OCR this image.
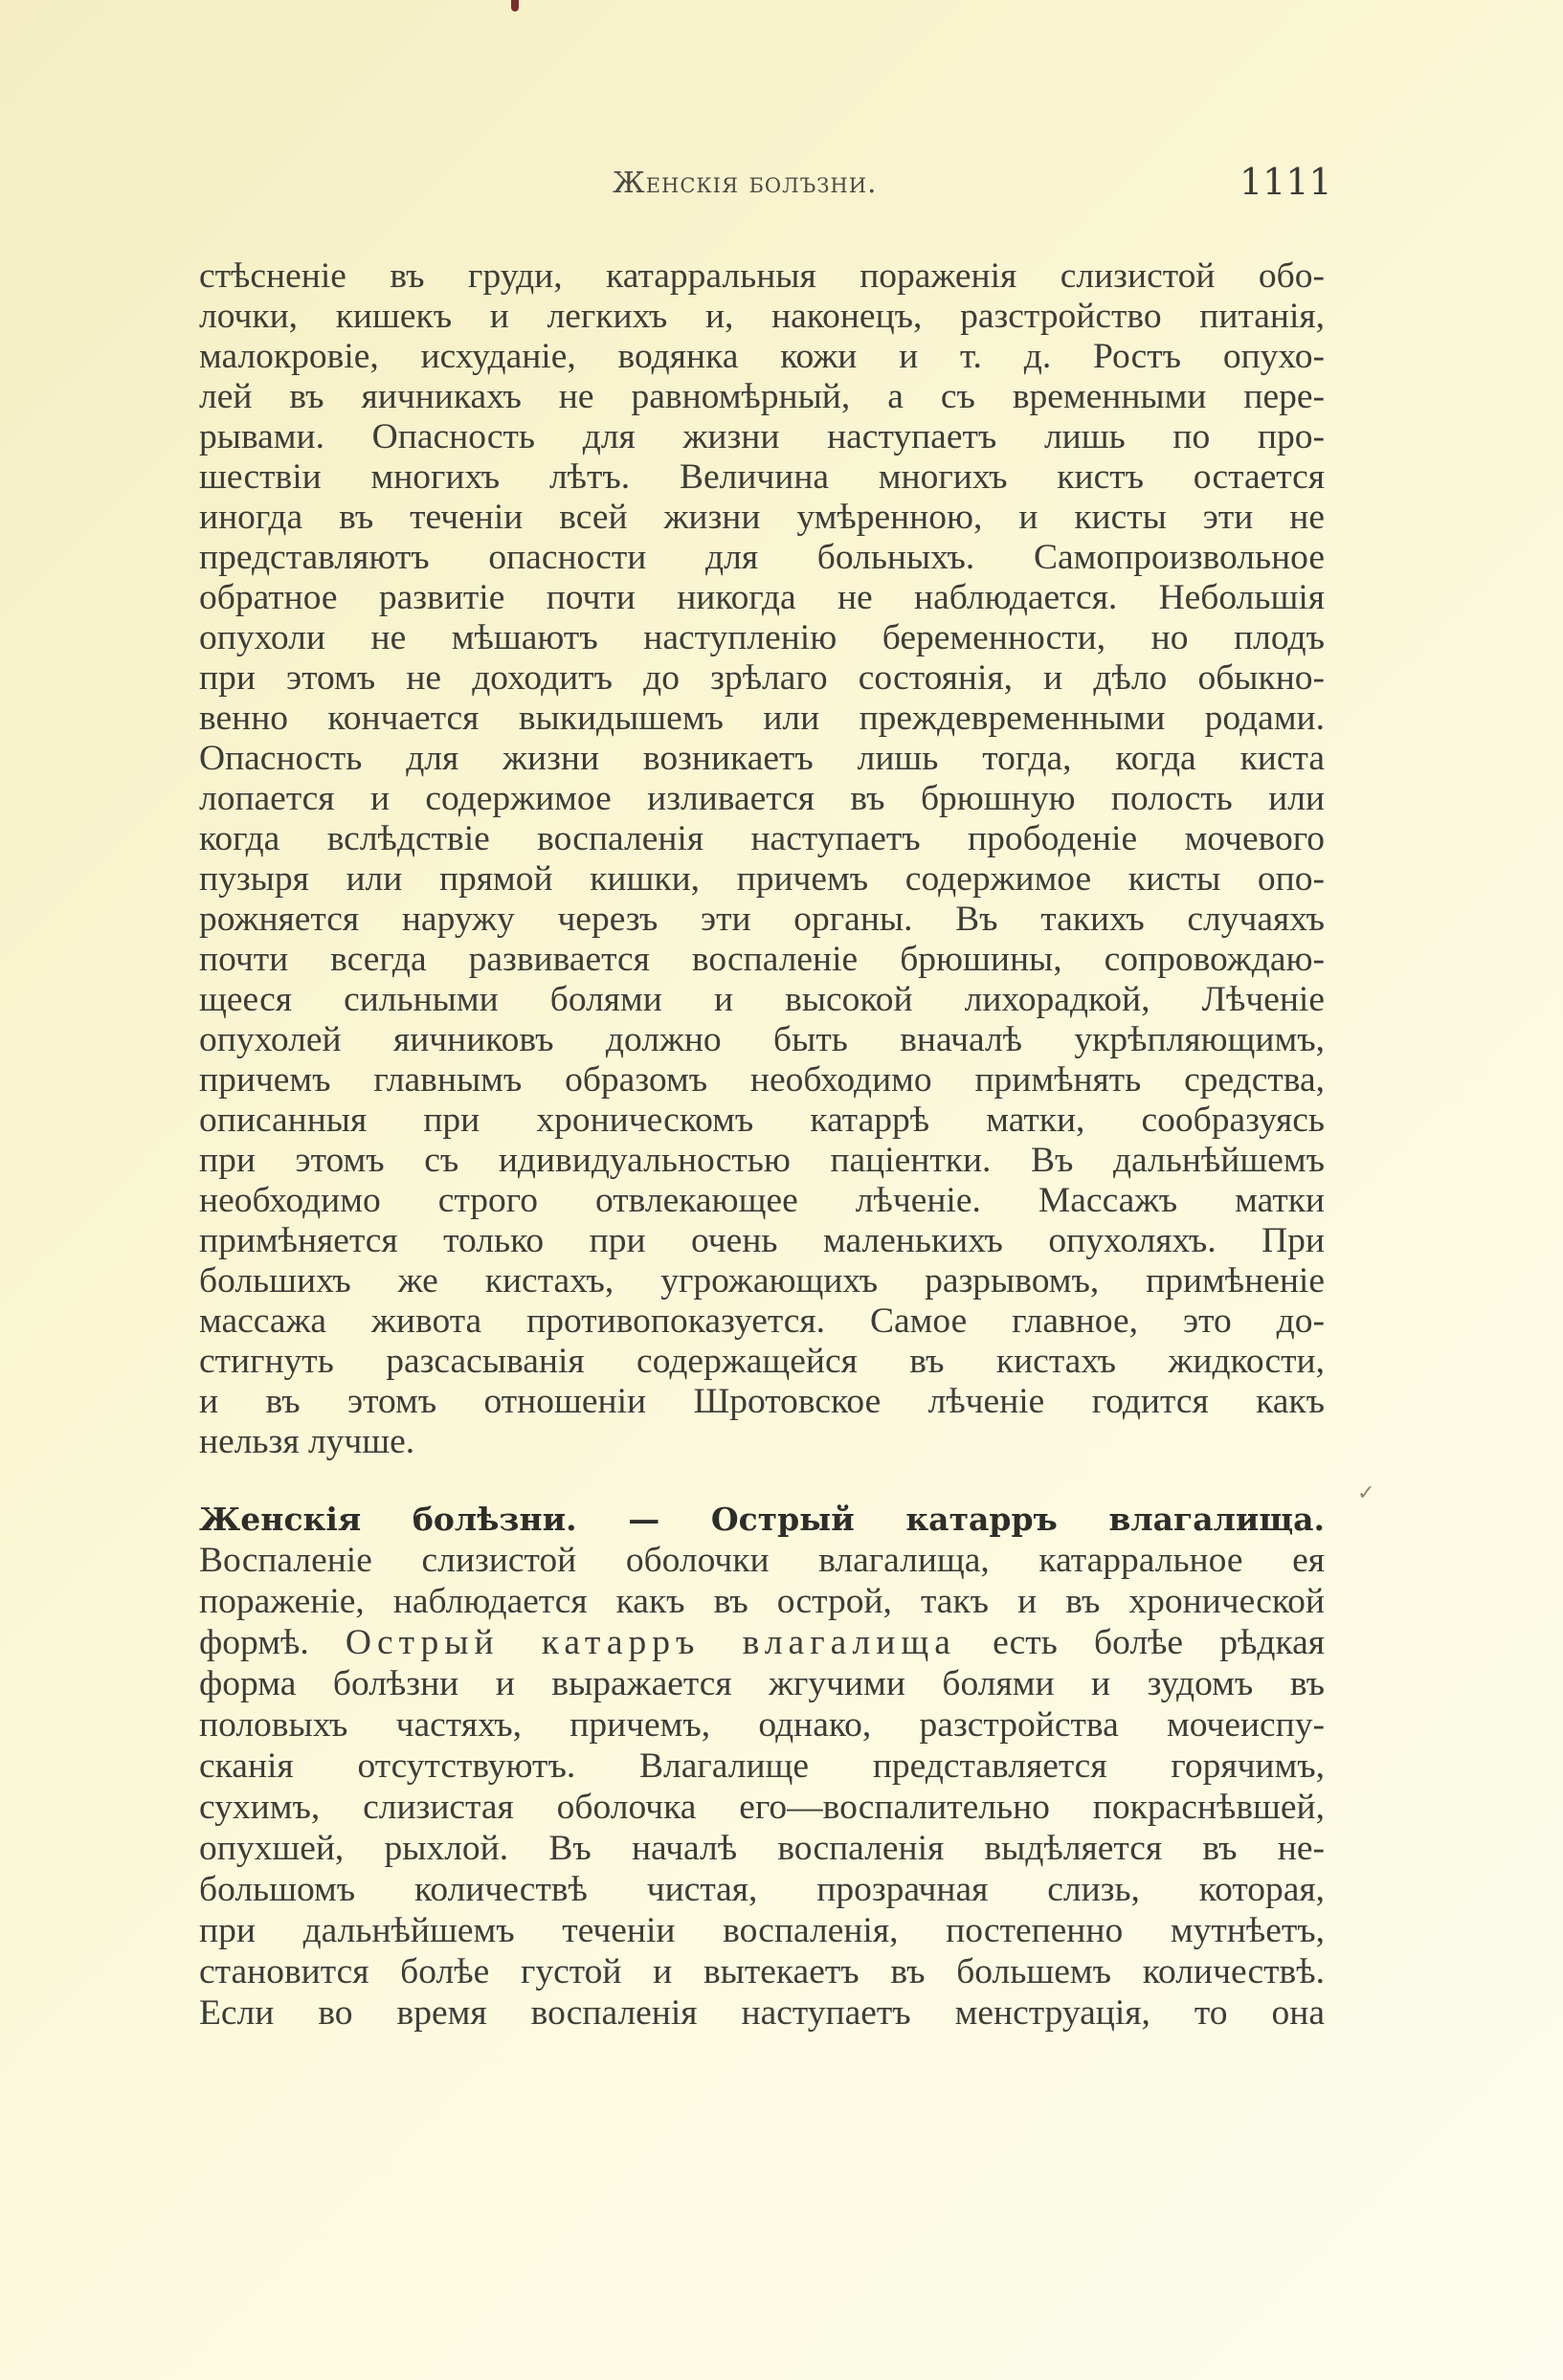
Женскія болъзни.	1111
стѣсненіе въ груди, катарральныя пораженія слизистой обо-
лочки, кишекъ и легкихъ и, наконецъ, разстройство питанія,
малокровіе, исхуданіе, водянка кожи и т. д. Ростъ опухо-
лей въ яичникахъ не равномѣрный, а съ временными пере-
рывами. Опасность для жизни наступаетъ лишь по про-
шествіи многихъ лѣтъ. Величина многихъ кистъ остается
иногда въ теченіи всей жизни умѣренною, и кисты эти не
представляютъ опасности для больныхъ. Самопроизвольное
обратное развитіе почти никогда не наблюдается. Небольшія
опухоли не мѣшаютъ наступленію беременности, но плодъ
при этомъ не доходитъ до зрѣлаго состоянія, и дѣло обыкно-
венно кончается выкидышемъ или преждевременными родами.
Опасность для жизни возникаетъ лишь тогда, когда киста
лопается и содержимое изливается въ брюшную полость или
когда вслѣдствіе воспаленія наступаетъ прободеніе мочевого
пузыря или прямой кишки, причемъ содержимое кисты опо-
рожняется наружу черезъ эти органы. Въ такихъ случаяхъ
почти всегда развивается воспаленіе брюшины, сопровождаю-
щееся сильными болями и высокой лихорадкой, Лѣченіе
опухолей яичниковъ должно быть вначалѣ укрѣпляющимъ,
причемъ главнымъ образомъ необходимо примѣнять средства,
описанныя при хроническомъ катаррѣ матки, сообразуясь
при этомъ съ идивидуальностью паціентки. Въ дальнѣйшемъ
необходимо строго отвлекающее лѣченіе. Массажъ матки
примѣняется только при очень маленькихъ опухоляхъ. При
большихъ же кистахъ, угрожающихъ разрывомъ, примѣненіе
массажа живота противопоказуется. Самое главное, это до-
стигнуть разсасыванія содержащейся въ кистахъ жидкости,
и въ этомъ отношеніи Шротовское лѣченіе годится какъ
нельзя лучше.
Женскія болѣзни. — Острый катарръ влагалища.
Воспаленіе слизистой оболочки влагалища, катарральное ея
пораженіе, наблюдается какъ въ острой, такъ и въ хронической
формѣ. Острый катарръ влагалища есть болѣе рѣдкая
форма болѣзни и выражается жгучими болями и зудомъ въ
половыхъ частяхъ, причемъ, однако, разстройства мочеиспу-
сканія отсутствуютъ. Влагалище представляется горячимъ,
сухимъ, слизистая оболочка его—воспалительно покраснѣвшей,
опухшей, рыхлой. Въ началѣ воспаленія выдѣляется въ не-
большомъ количествѣ чистая, прозрачная слизь, которая,
при дальнѣйшемъ теченіи воспаленія, постепенно мутнѣетъ,
становится болѣе густой и вытекаетъ въ большемъ количествѣ.
Если во время воспаленія наступаетъ менструація, то она
✓
